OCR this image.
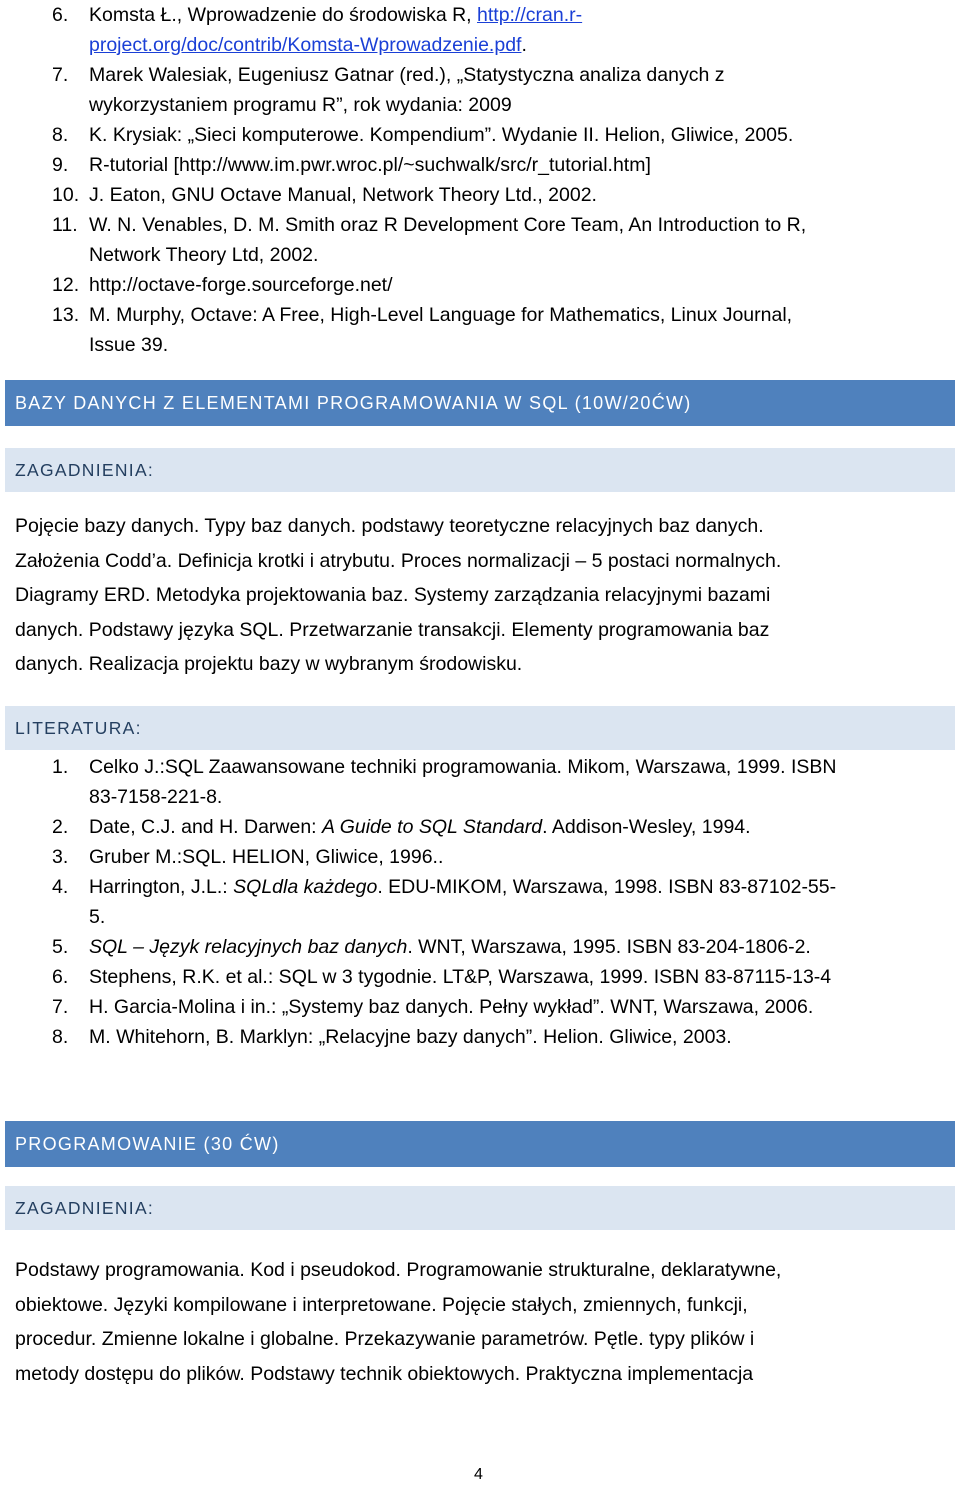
6. Komsta Ł., Wprowadzenie do środowiska R, http://cran.r-
project.org/doc/contrib/Komsta-Wprowadzenie.pdf.
7. Marek Walesiak, Eugeniusz Gatnar (red.), „Statystyczna analiza danych z
wykorzystaniem programu R”, rok wydania: 2009
8. K. Krysiak: „Sieci komputerowe. Kompendium”. Wydanie II. Helion, Gliwice, 2005.
9. R-tutorial [http://www.im.pwr.wroc.pl/~suchwalk/src/r_tutorial.htm]
10. J. Eaton, GNU Octave Manual, Network Theory Ltd., 2002.
11. W. N. Venables, D. M. Smith oraz R Development Core Team, An Introduction to R,
Network Theory Ltd, 2002.
12. http://octave-forge.sourceforge.net/
13. M. Murphy, Octave: A Free, High-Level Language for Mathematics, Linux Journal,
Issue 39.
BAZY DANYCH Z ELEMENTAMI PROGRAMOWANIA W SQL (10W/20ĆW)
ZAGADNIENIA:
Pojęcie bazy danych. Typy baz danych. podstawy teoretyczne relacyjnych baz danych.
Założenia Codd’a. Definicja krotki i atrybutu. Proces normalizacji – 5 postaci normalnych.
Diagramy ERD. Metodyka projektowania baz. Systemy zarządzania relacyjnymi bazami
danych. Podstawy języka SQL. Przetwarzanie transakcji. Elementy programowania baz
danych. Realizacja projektu bazy w wybranym środowisku.
LITERATURA:
1. Celko J.:SQL Zaawansowane techniki programowania. Mikom, Warszawa, 1999. ISBN
83-7158-221-8.
2. Date, C.J. and H. Darwen: A Guide to SQL Standard. Addison-Wesley, 1994.
3. Gruber M.:SQL. HELION, Gliwice, 1996..
4. Harrington, J.L.: SQLdla każdego. EDU-MIKOM, Warszawa, 1998. ISBN 83-87102-55-
5.
5. SQL – Język relacyjnych baz danych. WNT, Warszawa, 1995. ISBN 83-204-1806-2.
6. Stephens, R.K. et al.: SQL w 3 tygodnie. LT&P, Warszawa, 1999. ISBN 83-87115-13-4
7. H. Garcia-Molina i in.: „Systemy baz danych. Pełny wykład”. WNT, Warszawa, 2006.
8. M. Whitehorn, B. Marklyn: „Relacyjne bazy danych”. Helion. Gliwice, 2003.
PROGRAMOWANIE (30 ĆW)
ZAGADNIENIA:
Podstawy programowania. Kod i pseudokod. Programowanie strukturalne, deklaratywne,
obiektowe. Języki kompilowane i interpretowane. Pojęcie stałych, zmiennych, funkcji,
procedur. Zmienne lokalne i globalne. Przekazywanie parametrów. Pętle. typy plików i
metody dostępu do plików. Podstawy technik obiektowych. Praktyczna implementacja
4
